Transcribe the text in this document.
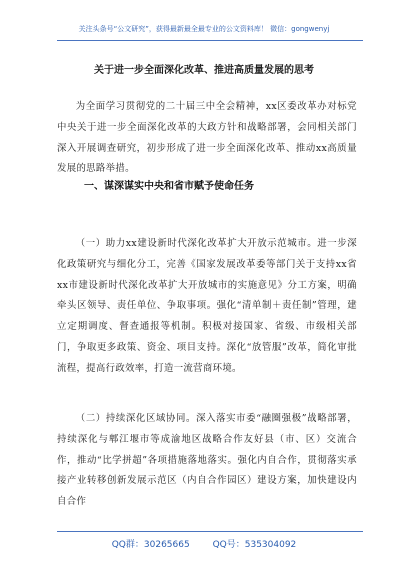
关注头条号“公文研究”，获得最新最全最专业的公文资料库！ 微信：gongwenyj
关于进一步全面深化改革、推进高质量发展的思考

为全面学习贯彻党的二十届三中全会精神，xx区委改革办对标党中央关于进一步全面深化改革的大政方针和战略部署，会同相关部门深入开展调查研究，初步形成了进一步全面深化改革、推动xx高质量发展的思路举措。

一、谋深谋实中央和省市赋予使命任务

（一）助力xx建设新时代深化改革扩大开放示范城市。进一步深化政策研究与细化分工，完善《国家发展改革委等部门关于支持xx省xx市建设新时代深化改革扩大开放城市的实施意见》分工方案，明确牵头区领导、责任单位、争取事项。强化“清单制＋责任制”管理，建立定期调度、督查通报等机制。积极对接国家、省级、市级相关部门，争取更多政策、资金、项目支持。深化“放管服”改革，简化审批流程，提高行政效率，打造一流营商环境。

（二）持续深化区域协同。深入落实市委“融圈强极”战略部署，持续深化与郫江堰市等成渝地区战略合作友好县（市、区）交流合作，推动“比学拼超”各项措施落地落实。强化内自合作，贯彻落实承接产业转移创新发展示范区（内自合作园区）建设方案，加快建设内自合作

QQ群：30265665	QQ号：535304092
